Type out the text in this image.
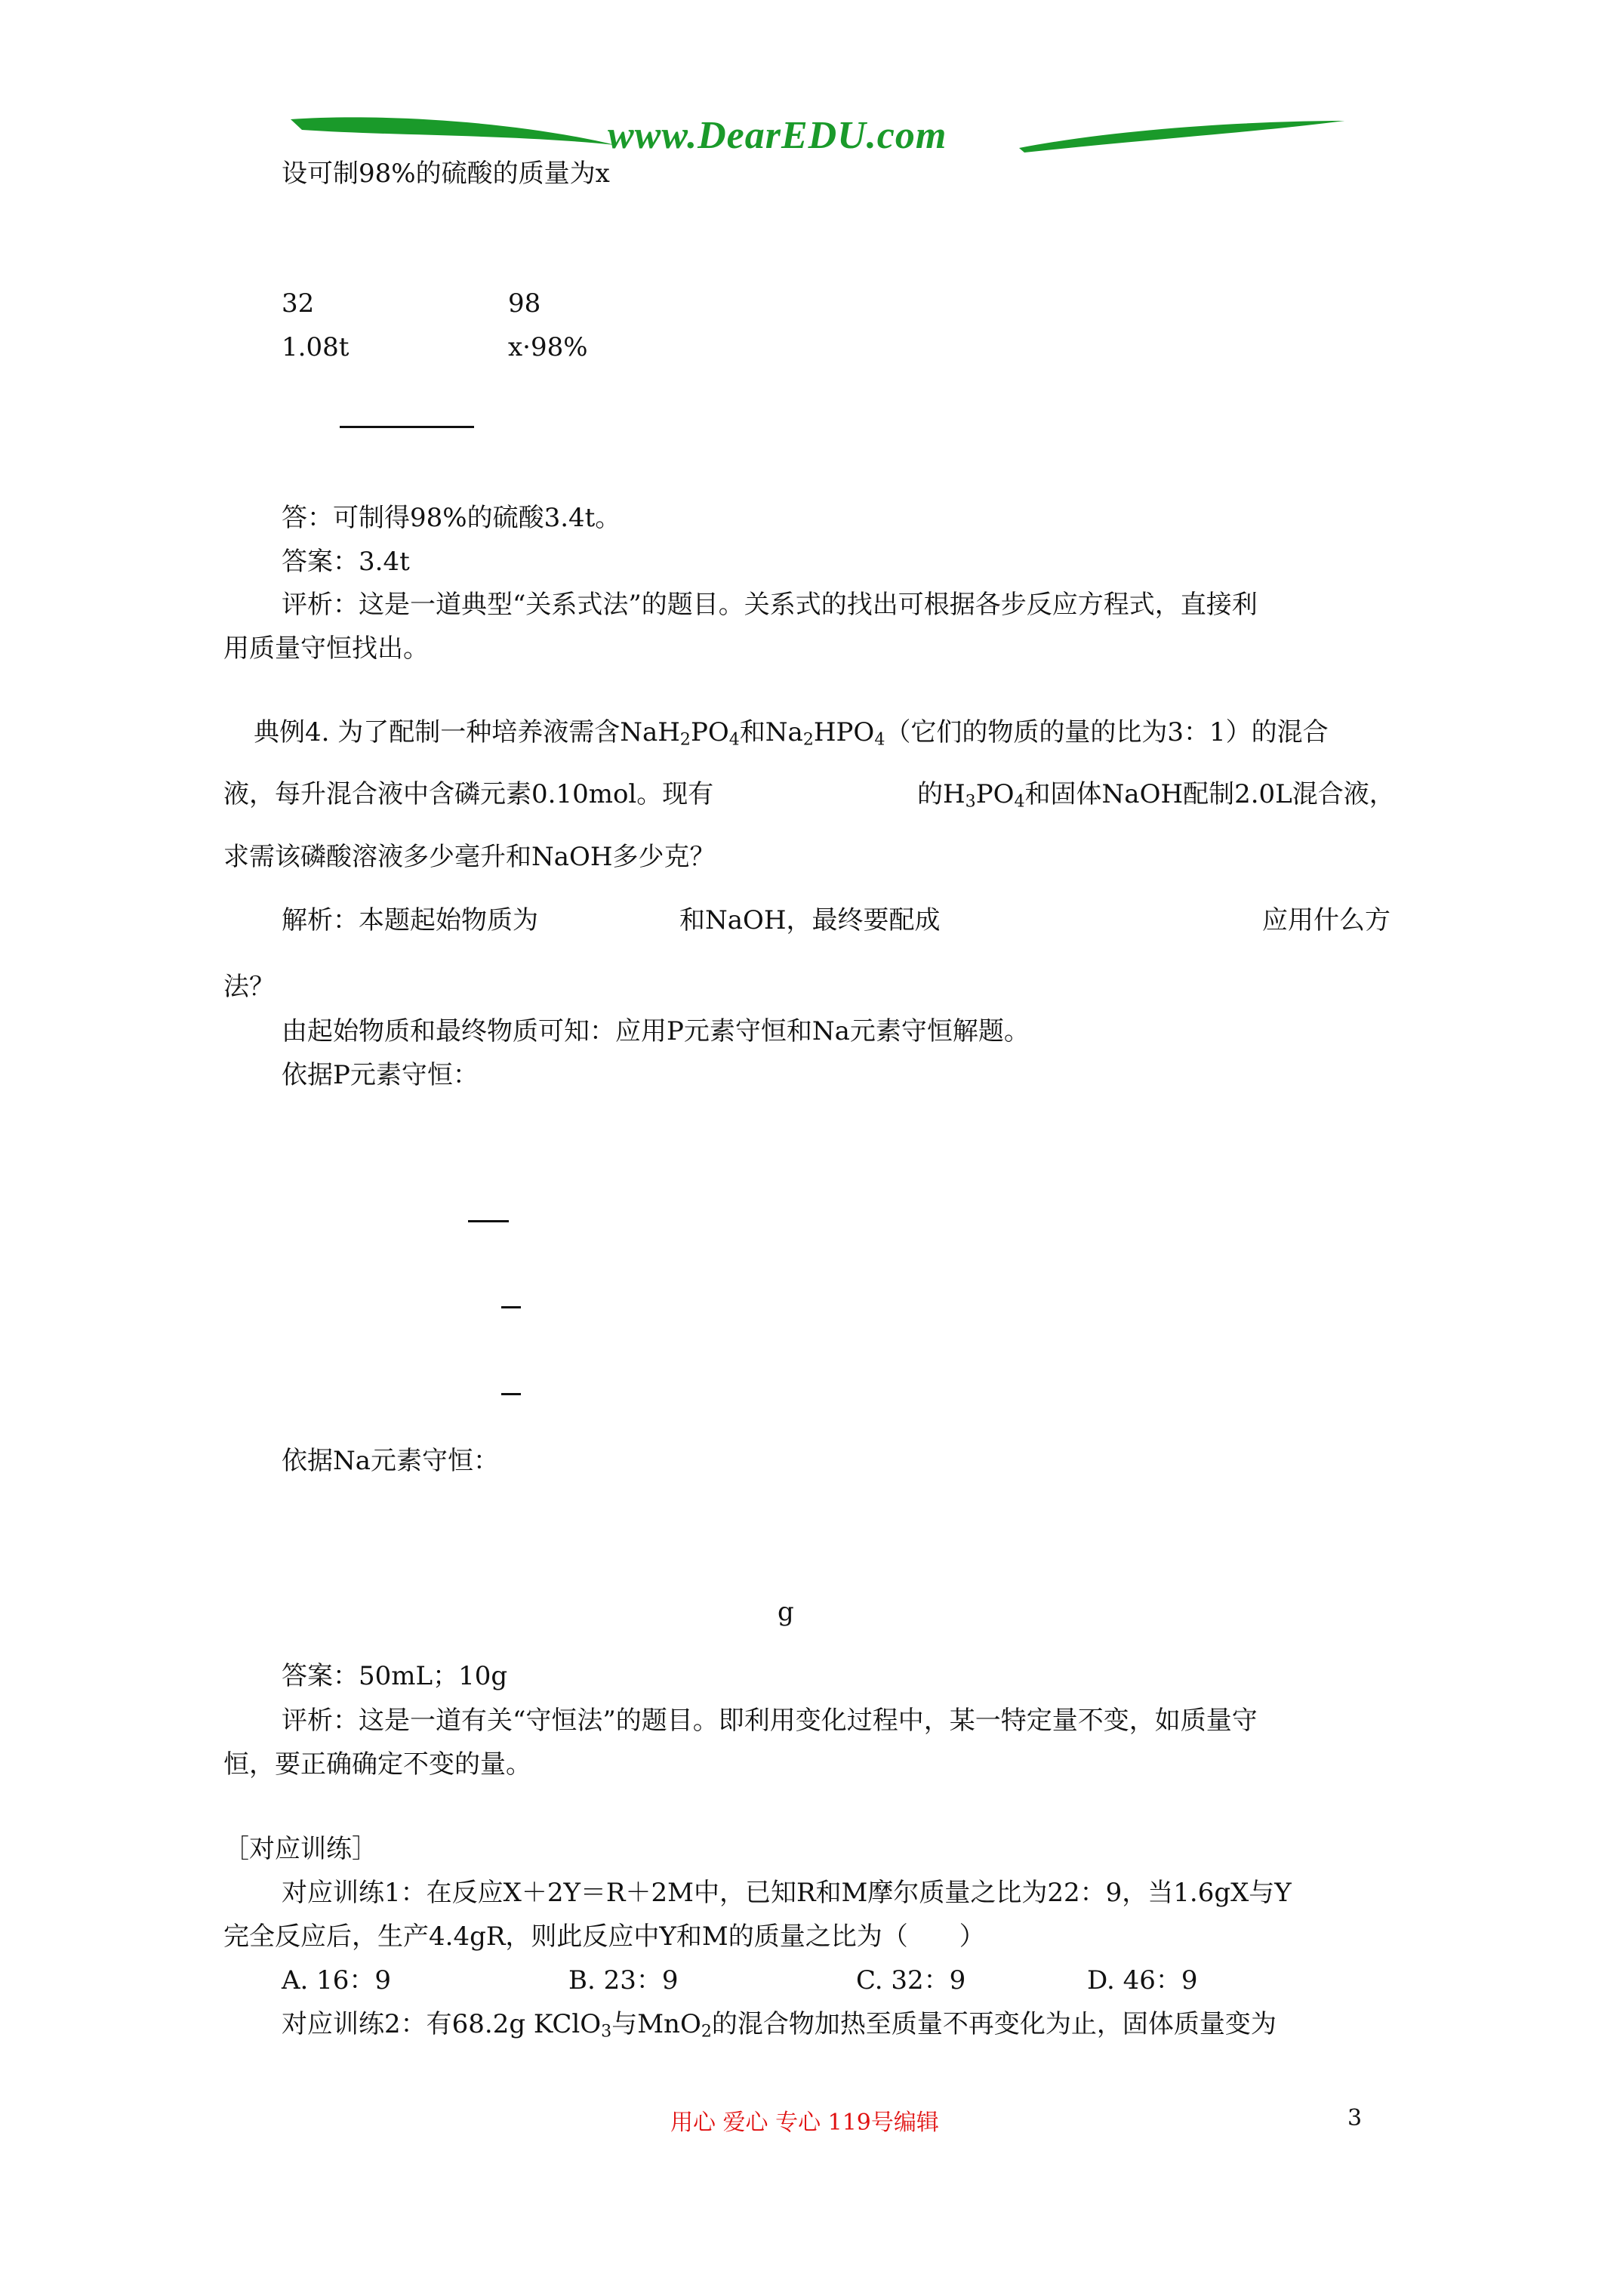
www.DearEDU.com
设可制98%的硫酸的质量为x
32	98
1.08t	x·98%
答：可制得98%的硫酸3.4t。
答案：3.4t
评析：这是一道典型“关系式法”的题目。关系式的找出可根据各步反应方程式，直接利
用质量守恒找出。
典例4. 为了配制一种培养液需含$NaH_2PO_4$和$Na_2HPO_4$（它们的物质的量的比为3：1）的混合
液，每升混合液中含磷元素0.10mol。现有	的$H_3PO_4$和固体NaOH配制2.0L混合液，
求需该磷酸溶液多少毫升和NaOH多少克？
解析：本题起始物质为	和NaOH，最终要配成	应用什么方
法？
由起始物质和最终物质可知：应用P元素守恒和Na元素守恒解题。
依据P元素守恒：
依据Na元素守恒：
g
答案：50mL；10g
评析：这是一道有关“守恒法”的题目。即利用变化过程中，某一特定量不变，如质量守
恒，要正确确定不变的量。
［对应训练］
对应训练1：在反应X＋2Y＝R＋2M中，已知R和M摩尔质量之比为22：9，当1.6gX与Y
完全反应后，生产4.4gR，则此反应中Y和M的质量之比为（　　）
A. 16：9	B. 23：9	C. 32：9	D. 46：9
对应训练2：有68.2g KClO$_3$与MnO$_2$的混合物加热至质量不再变化为止，固体质量变为
用心 爱心 专心 119号编辑	3
